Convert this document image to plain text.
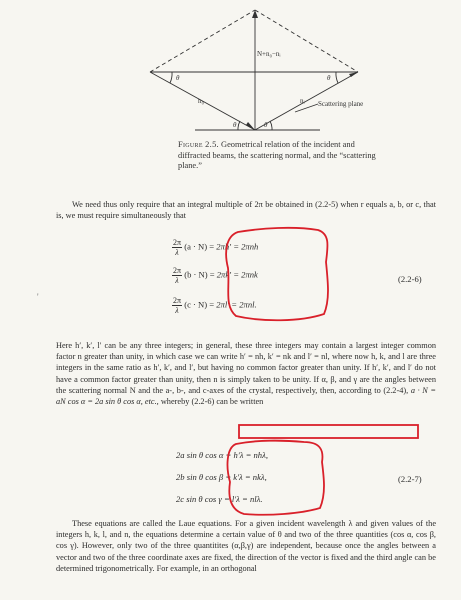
N+n₀−nᵢ
n₀	nᵢ
θ	θ
θ	θ
Scattering plane
Figure 2.5. Geometrical relation of the incident and diffracted beams, the scattering normal, and the “scattering plane.”
We need thus only require that an integral multiple of 2π be obtained in (2.2-5) when r equals a, b, or c, that is, we must require simultaneously that
$\frac{2\pi}{\lambda} (a \cdot N) = 2\pi h' = 2\pi nh$
$\frac{2\pi}{\lambda} (b \cdot N) = 2\pi k' = 2\pi nk$
$\frac{2\pi}{\lambda} (c \cdot N) = 2\pi l' = 2\pi nl$.
(2.2-6)
'
Here h′, k′, l′ can be any three integers; in general, these three integers may contain a largest integer common factor n greater than unity, in which case we can write h′ = nh, k′ = nk and l′ = nl, where now h, k, and l are three integers in the same ratio as h′, k′, and l′, but having no common factor greater than unity. If h′, k′, and l′ do not have a common factor greater than unity, then n is simply taken to be unity. If α, β, and γ are the angles between the scattering normal N and the a-, b-, and c-axes of the crystal, respectively, then, according to (2.2-4), a · N = aN cos α = 2a sin θ cos α, etc., whereby (2.2-6) can be written
2a sin θ cos α = h′λ = nhλ,
2b sin θ cos β = k′λ = nkλ,
2c sin θ cos γ = l′λ = nlλ.
(2.2-7)
These equations are called the Laue equations. For a given incident wavelength λ and given values of the integers h, k, l, and n, the equations determine a certain value of θ and two of the three quantities (cos α, cos β, cos γ). However, only two of the three quantitites (α,β,γ) are independent, because once the angles between a vector and two of the three coordinate axes are fixed, the direction of the vector is fixed and the third angle can be determined trigonometrically. For example, in an orthogonal
